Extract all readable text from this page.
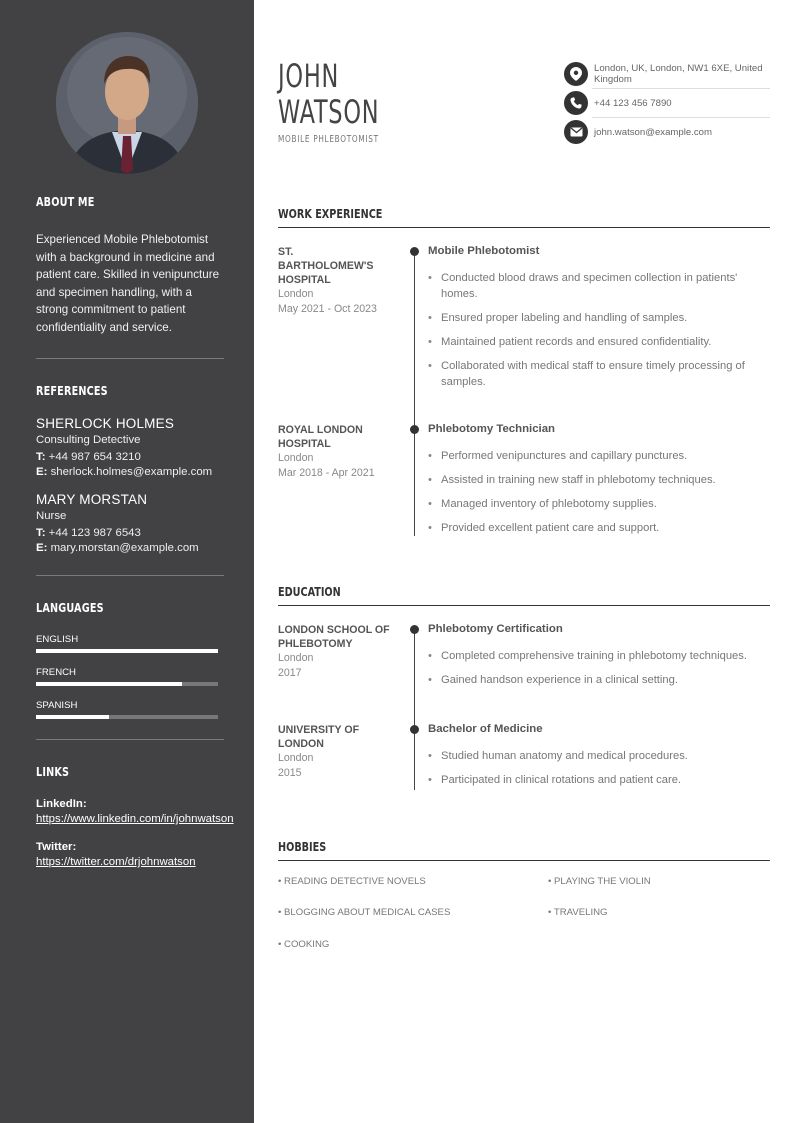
ABOUT ME

Experienced Mobile Phlebotomist with a background in medicine and patient care. Skilled in venipuncture and specimen handling, with a strong commitment to patient confidentiality and service.

REFERENCES
SHERLOCK HOLMES
Consulting Detective
T: +44 987 654 3210
E: sherlock.holmes@example.com
MARY MORSTAN
Nurse
T: +44 123 987 6543
E: mary.morstan@example.com
LANGUAGES
ENGLISH
FRENCH
SPANISH
LINKS
LinkedIn:
https://www.linkedin.com/in/johnwatson
Twitter:
https://twitter.com/drjohnwatson
JOHN
WATSON
MOBILE PHLEBOTOMIST
London, UK, London, NW1 6XE, United Kingdom
+44 123 456 7890
john.watson@example.com
WORK EXPERIENCE
ST. BARTHOLOMEW'S HOSPITAL
London
May 2021 - Oct 2023
Mobile Phlebotomist
• Conducted blood draws and specimen collection in patients' homes.
• Ensured proper labeling and handling of samples.
• Maintained patient records and ensured confidentiality.
• Collaborated with medical staff to ensure timely processing of samples.
ROYAL LONDON HOSPITAL
London
Mar 2018 - Apr 2021
Phlebotomy Technician
• Performed venipunctures and capillary punctures.
• Assisted in training new staff in phlebotomy techniques.
• Managed inventory of phlebotomy supplies.
• Provided excellent patient care and support.
EDUCATION
LONDON SCHOOL OF PHLEBOTOMY
London
2017
Phlebotomy Certification
• Completed comprehensive training in phlebotomy techniques.
• Gained handson experience in a clinical setting.
UNIVERSITY OF LONDON
London
2015
Bachelor of Medicine
• Studied human anatomy and medical procedures.
• Participated in clinical rotations and patient care.
HOBBIES
• READING DETECTIVE NOVELS	• PLAYING THE VIOLIN
• BLOGGING ABOUT MEDICAL CASES	• TRAVELING
• COOKING
